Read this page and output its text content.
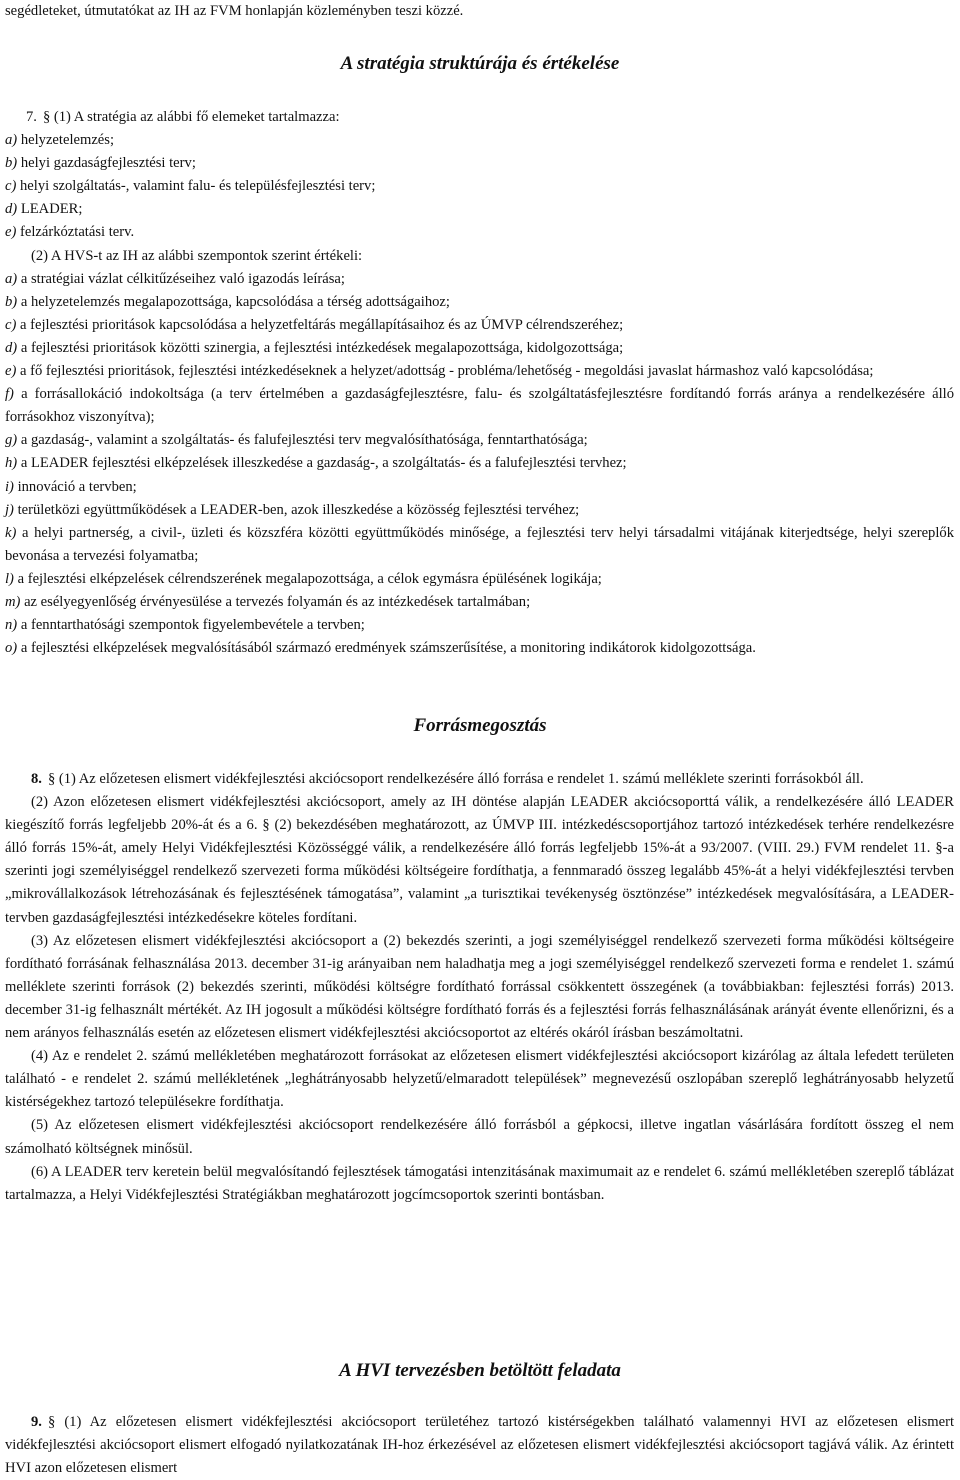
segédleteket, útmutatókat az IH az FVM honlapján közleményben teszi közzé.

A stratégia struktúrája és értékelése

7. § (1) A stratégia az alábbi fő elemeket tartalmazza:

a) helyzetelemzés;

b) helyi gazdaságfejlesztési terv;

c) helyi szolgáltatás-, valamint falu- és településfejlesztési terv;

d) LEADER;

e) felzárkóztatási terv.

(2) A HVS-t az IH az alábbi szempontok szerint értékeli:

a) a stratégiai vázlat célkitűzéseihez való igazodás leírása;

b) a helyzetelemzés megalapozottsága, kapcsolódása a térség adottságaihoz;

c) a fejlesztési prioritások kapcsolódása a helyzetfeltárás megállapításaihoz és az ÚMVP célrendszeréhez;

d) a fejlesztési prioritások közötti szinergia, a fejlesztési intézkedések megalapozottsága, kidolgozottsága;

e) a fő fejlesztési prioritások, fejlesztési intézkedéseknek a helyzet/adottság - probléma/lehetőség - megoldási javaslat hármashoz való kapcsolódása;

f) a forrásallokáció indokoltsága (a terv értelmében a gazdaságfejlesztésre, falu- és szolgáltatásfejlesztésre fordítandó forrás aránya a rendelkezésére álló forrásokhoz viszonyítva);

g) a gazdaság-, valamint a szolgáltatás- és falufejlesztési terv megvalósíthatósága, fenntarthatósága;

h) a LEADER fejlesztési elképzelések illeszkedése a gazdaság-, a szolgáltatás- és a falufejlesztési tervhez;

i) innováció a tervben;

j) területközi együttműködések a LEADER-ben, azok illeszkedése a közösség fejlesztési tervéhez;

k) a helyi partnerség, a civil-, üzleti és közszféra közötti együttműködés minősége, a fejlesztési terv helyi társadalmi vitájának kiterjedtsége, helyi szereplők bevonása a tervezési folyamatba;

l) a fejlesztési elképzelések célrendszerének megalapozottsága, a célok egymásra épülésének logikája;

m) az esélyegyenlőség érvényesülése a tervezés folyamán és az intézkedések tartalmában;

n) a fenntarthatósági szempontok figyelembevétele a tervben;

o) a fejlesztési elképzelések megvalósításából származó eredmények számszerűsítése, a monitoring indikátorok kidolgozottsága.

Forrásmegosztás

8. § (1) Az előzetesen elismert vidékfejlesztési akciócsoport rendelkezésére álló forrása e rendelet 1. számú melléklete szerinti forrásokból áll.

(2) Azon előzetesen elismert vidékfejlesztési akciócsoport, amely az IH döntése alapján LEADER akciócsoporttá válik, a rendelkezésére álló LEADER kiegészítő forrás legfeljebb 20%-át és a 6. § (2) bekezdésében meghatározott, az ÚMVP III. intézkedéscsoportjához tartozó intézkedések terhére rendelkezésre álló forrás 15%-át, amely Helyi Vidékfejlesztési Közösséggé válik, a rendelkezésére álló forrás legfeljebb 15%-át a 93/2007. (VIII. 29.) FVM rendelet 11. §-a szerinti jogi személyiséggel rendelkező szervezeti forma működési költségeire fordíthatja, a fennmaradó összeg legalább 45%-át a helyi vidékfejlesztési tervben „mikrovállalkozások létrehozásának és fejlesztésének támogatása”, valamint „a turisztikai tevékenység ösztönzése” intézkedések megvalósítására, a LEADER-tervben gazdaságfejlesztési intézkedésekre köteles fordítani.

(3) Az előzetesen elismert vidékfejlesztési akciócsoport a (2) bekezdés szerinti, a jogi személyiséggel rendelkező szervezeti forma működési költségeire fordítható forrásának felhasználása 2013. december 31-ig arányaiban nem haladhatja meg a jogi személyiséggel rendelkező szervezeti forma e rendelet 1. számú melléklete szerinti források (2) bekezdés szerinti, működési költségre fordítható forrással csökkentett összegének (a továbbiakban: fejlesztési forrás) 2013. december 31-ig felhasznált mértékét. Az IH jogosult a működési költségre fordítható forrás és a fejlesztési forrás felhasználásának arányát évente ellenőrizni, és a nem arányos felhasználás esetén az előzetesen elismert vidékfejlesztési akciócsoportot az eltérés okáról írásban beszámoltatni.

(4) Az e rendelet 2. számú mellékletében meghatározott forrásokat az előzetesen elismert vidékfejlesztési akciócsoport kizárólag az általa lefedett területen található - e rendelet 2. számú mellékletének „leghátrányosabb helyzetű/elmaradott települések” megnevezésű oszlopában szereplő leghátrányosabb helyzetű kistérségekhez tartozó településekre fordíthatja.

(5) Az előzetesen elismert vidékfejlesztési akciócsoport rendelkezésére álló forrásból a gépkocsi, illetve ingatlan vásárlására fordított összeg el nem számolható költségnek minősül.

(6) A LEADER terv keretein belül megvalósítandó fejlesztések támogatási intenzitásának maximumait az e rendelet 6. számú mellékletében szereplő táblázat tartalmazza, a Helyi Vidékfejlesztési Stratégiákban meghatározott jogcímcsoportok szerinti bontásban.

A HVI tervezésben betöltött feladata

9. § (1) Az előzetesen elismert vidékfejlesztési akciócsoport területéhez tartozó kistérségekben található valamennyi HVI az előzetesen elismert vidékfejlesztési akciócsoport elismert elfogadó nyilatkozatának IH-hoz érkezésével az előzetesen elismert vidékfejlesztési akciócsoport tagjává válik. Az érintett HVI azon előzetesen elismert
